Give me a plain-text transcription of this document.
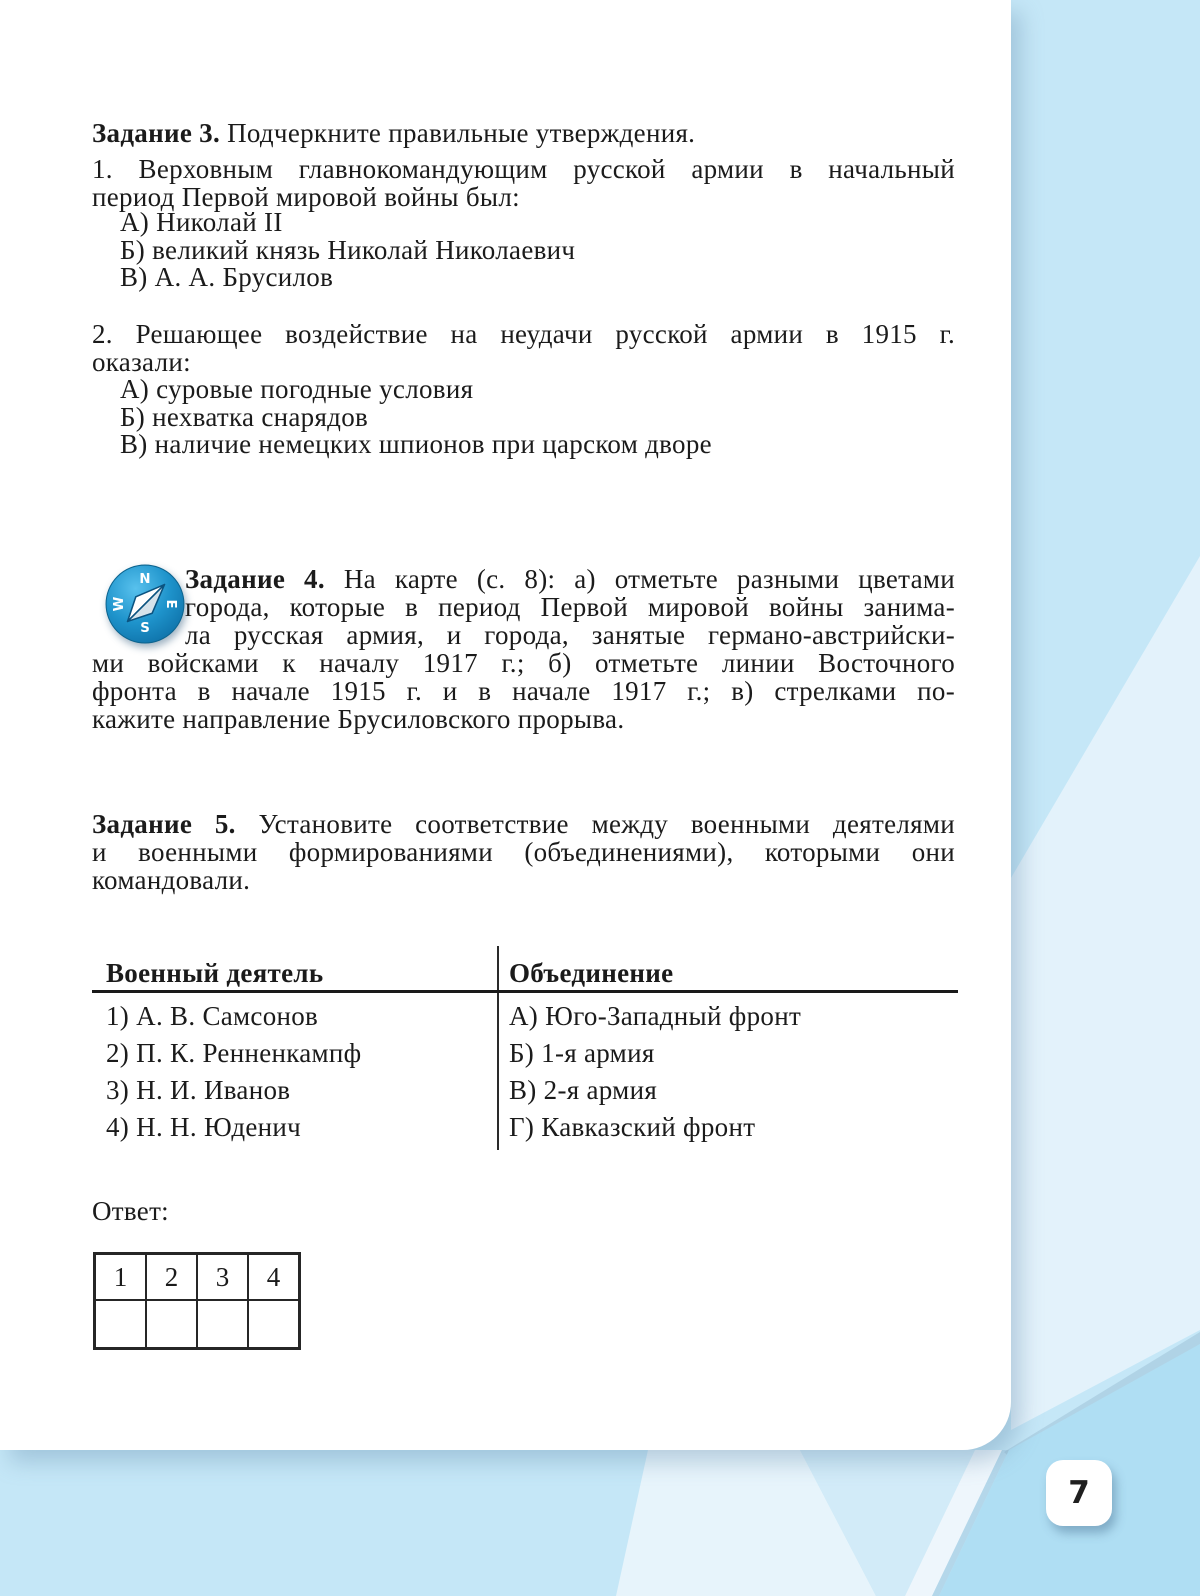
Задание 3. Подчеркните правильные утверждения.
1. Верховным главнокомандующим русской армии в начальный
период Первой мировой войны был:
А) Николай II
Б) великий князь Николай Николаевич
В) А. А. Брусилов
2. Решающее воздействие на неудачи русской армии в 1915 г.
оказали:
А) суровые погодные условия
Б) нехватка снарядов
В) наличие немецких шпионов при царском дворе
N
E
S
W
Задание 4. На карте (с. 8): а) отметьте разными цветами
города, которые в период Первой мировой войны занима-
ла русская армия, и города, занятые германо-австрийски-
ми войсками к началу 1917 г.; б) отметьте линии Восточного
фронта в начале 1915 г. и в начале 1917 г.; в) стрелками по-
кажите направление Брусиловского прорыва.
Задание 5. Установите соответствие между военными деятелями
и военными формированиями (объединениями), которыми они
командовали.
Военный деятель	Объединение
1) А. В. Самсонов	А) Юго-Западный фронт
2) П. К. Ренненкампф	Б) 1-я армия
3) Н. И. Иванов	В) 2-я армия
4) Н. Н. Юденич	Г) Кавказский фронт
Ответ:
1	2	3	4

7
